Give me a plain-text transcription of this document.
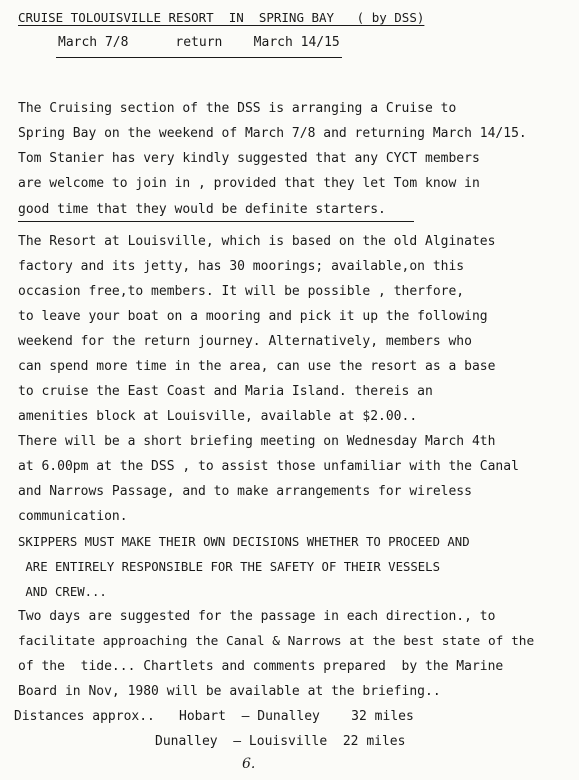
CRUISE TOLOUISVILLE RESORT  IN  SPRING BAY   ( by DSS)
March 7/8      return    March 14/15
The Cruising section of the DSS is arranging a Cruise to
Spring Bay on the weekend of March 7/8 and returning March 14/15.
Tom Stanier has very kindly suggested that any CYCT members
are welcome to join in , provided that they let Tom know in
good time that they would be definite starters.
The Resort at Louisville, which is based on the old Alginates
factory and its jetty, has 30 moorings; available,on this
occasion free,to members. It will be possible , therfore,
to leave your boat on a mooring and pick it up the following
weekend for the return journey. Alternatively, members who
can spend more time in the area, can use the resort as a base
to cruise the East Coast and Maria Island. thereis an
amenities block at Louisville, available at $2.00..
There will be a short briefing meeting on Wednesday March 4th
at 6.00pm at the DSS , to assist those unfamiliar with the Canal
and Narrows Passage, and to make arrangements for wireless
communication.
SKIPPERS MUST MAKE THEIR OWN DECISIONS WHETHER TO PROCEED AND
ARE ENTIRELY RESPONSIBLE FOR THE SAFETY OF THEIR VESSELS
AND CREW...
Two days are suggested for the passage in each direction., to
facilitate approaching the Canal & Narrows at the best state of the
of the  tide... Chartlets and comments prepared  by the Marine
Board in Nov, 1980 will be available at the briefing..
Distances approx.. Hobart  — Dunalley    32 miles
Dunalley  — Louisville  22 miles
6.
